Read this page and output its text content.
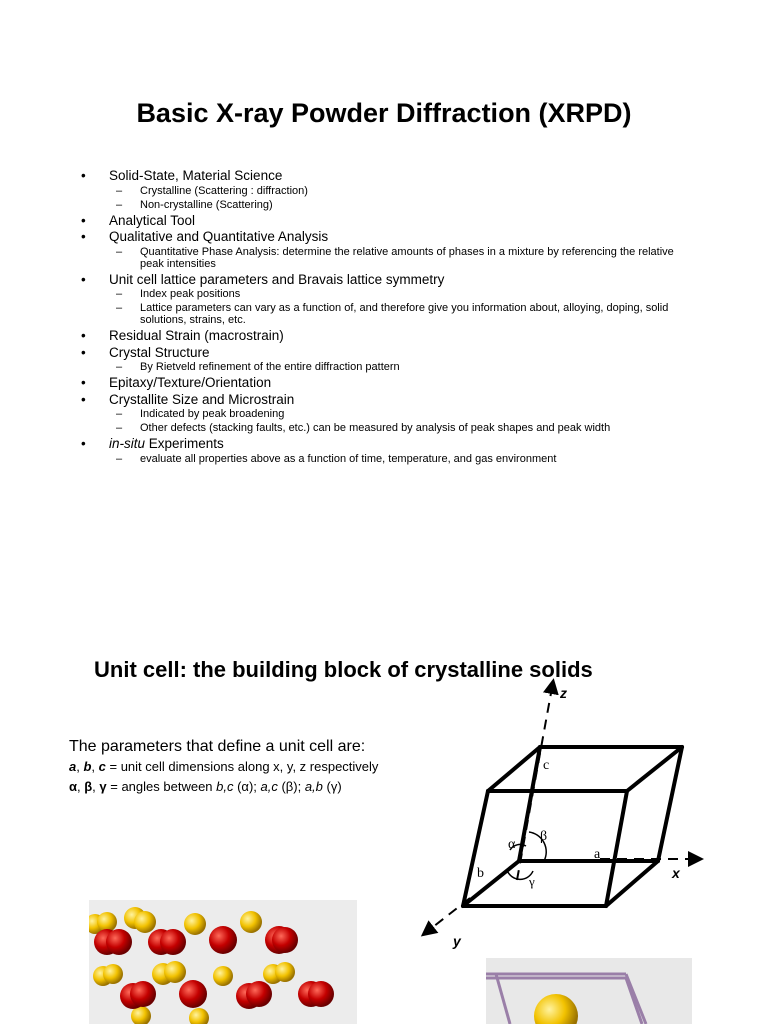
Basic X-ray Powder Diffraction (XRPD)
• Solid-State, Material Science
– Crystalline (Scattering : diffraction)
– Non-crystalline (Scattering)
• Analytical Tool
• Qualitative and Quantitative Analysis
– Quantitative Phase Analysis: determine the relative amounts of phases in a mixture by referencing the relative peak intensities
• Unit cell lattice parameters and Bravais lattice symmetry
– Index peak positions
– Lattice parameters can vary as a function of, and therefore give you information about, alloying, doping, solid solutions, strains, etc.
• Residual Strain (macrostrain)
• Crystal Structure
– By Rietveld refinement of the entire diffraction pattern
• Epitaxy/Texture/Orientation
• Crystallite Size and Microstrain
– Indicated by peak broadening
– Other defects (stacking faults, etc.) can be measured by analysis of peak shapes and peak width
• in-situ Experiments
– evaluate all properties above as a function of time, temperature, and gas environment
Unit cell: the building block of crystalline solids
The parameters that define a unit cell are:
a, b, c = unit cell dimensions along x, y, z respectively
α, β, γ = angles between b,c (α); a,c (β); a,b (γ)
z
x
y
c
a
b
α
β
γ
